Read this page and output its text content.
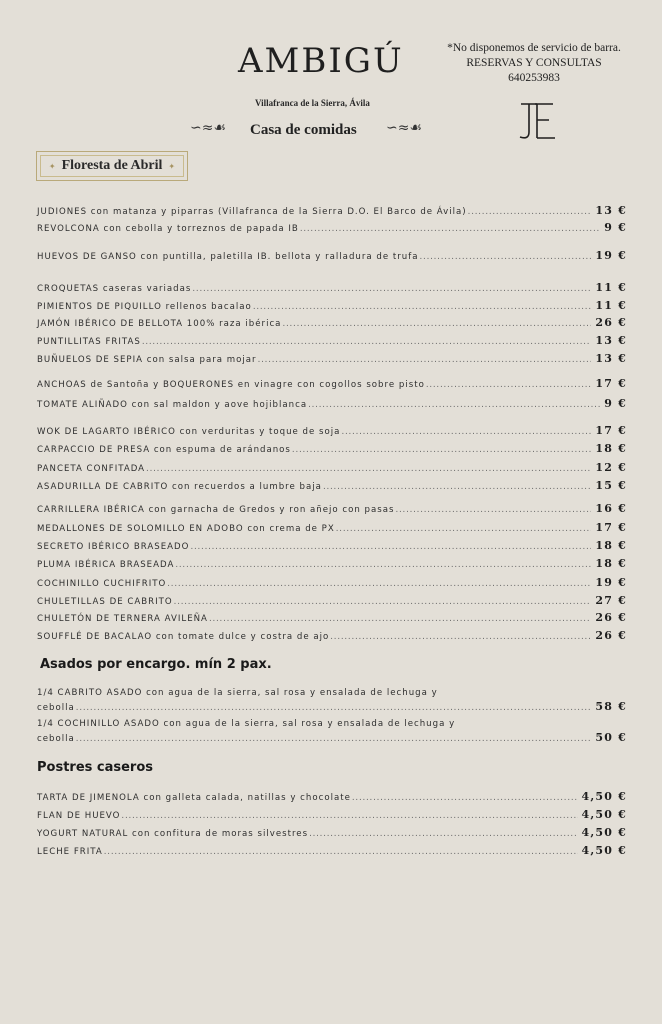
AMBIGÚ
Villafranca de la Sierra, Ávila
∽≈☙ Casa de comidas ∽≈☙
*No disponemos de servicio de barra.
RESERVAS Y CONSULTAS
640253983
✦ Floresta de Abril ✦
JUDIONES con matanza y piparras (Villafranca de la Sierra D.O. El Barco de Ávila) .....	13 €
REVOLCONA con cebolla y torreznos de papada IB .....	9 €
HUEVOS DE GANSO con puntilla, paletilla IB. bellota y ralladura de trufa .....	19 €
CROQUETAS caseras variadas .....	11 €
PIMIENTOS DE PIQUILLO rellenos bacalao .....	11 €
JAMÓN IBÉRICO DE BELLOTA 100% raza ibérica .....	26 €
PUNTILLITAS FRITAS .....	13 €
BUÑUELOS DE SEPIA con salsa para mojar .....	13 €
ANCHOAS de Santoña y BOQUERONES en vinagre con cogollos sobre pisto .....	17 €
TOMATE ALIÑADO con sal maldon y aove hojiblanca .....	9 €
WOK DE LAGARTO IBÉRICO con verduritas y toque de soja .....	17 €
CARPACCIO DE PRESA con espuma de arándanos .....	18 €
PANCETA CONFITADA .....	12 €
ASADURILLA DE CABRITO con recuerdos a lumbre baja .....	15 €
CARRILLERA IBÉRICA con garnacha de Gredos y ron añejo con pasas .....	16 €
MEDALLONES DE SOLOMILLO EN ADOBO con crema de PX .....	17 €
SECRETO IBÉRICO BRASEADO .....	18 €
PLUMA IBÉRICA BRASEADA .....	18 €
COCHINILLO CUCHIFRITO .....	19 €
CHULETILLAS DE CABRITO .....	27 €
CHULETÓN DE TERNERA AVILEÑA .....	26 €
SOUFFLÉ DE BACALAO con tomate dulce y costra de ajo .....	26 €
Asados por encargo. mín 2 pax.
1/4 CABRITO ASADO con agua de la sierra, sal rosa y ensalada de lechuga y
cebolla .....	58 €
1/4 COCHINILLO ASADO con agua de la sierra, sal rosa y ensalada de lechuga y
cebolla .....	50 €
Postres caseros
TARTA DE JIMENOLA con galleta calada, natillas y chocolate .....	4,50 €
FLAN DE HUEVO .....	4,50 €
YOGURT NATURAL con confitura de moras silvestres .....	4,50 €
LECHE FRITA .....	4,50 €
